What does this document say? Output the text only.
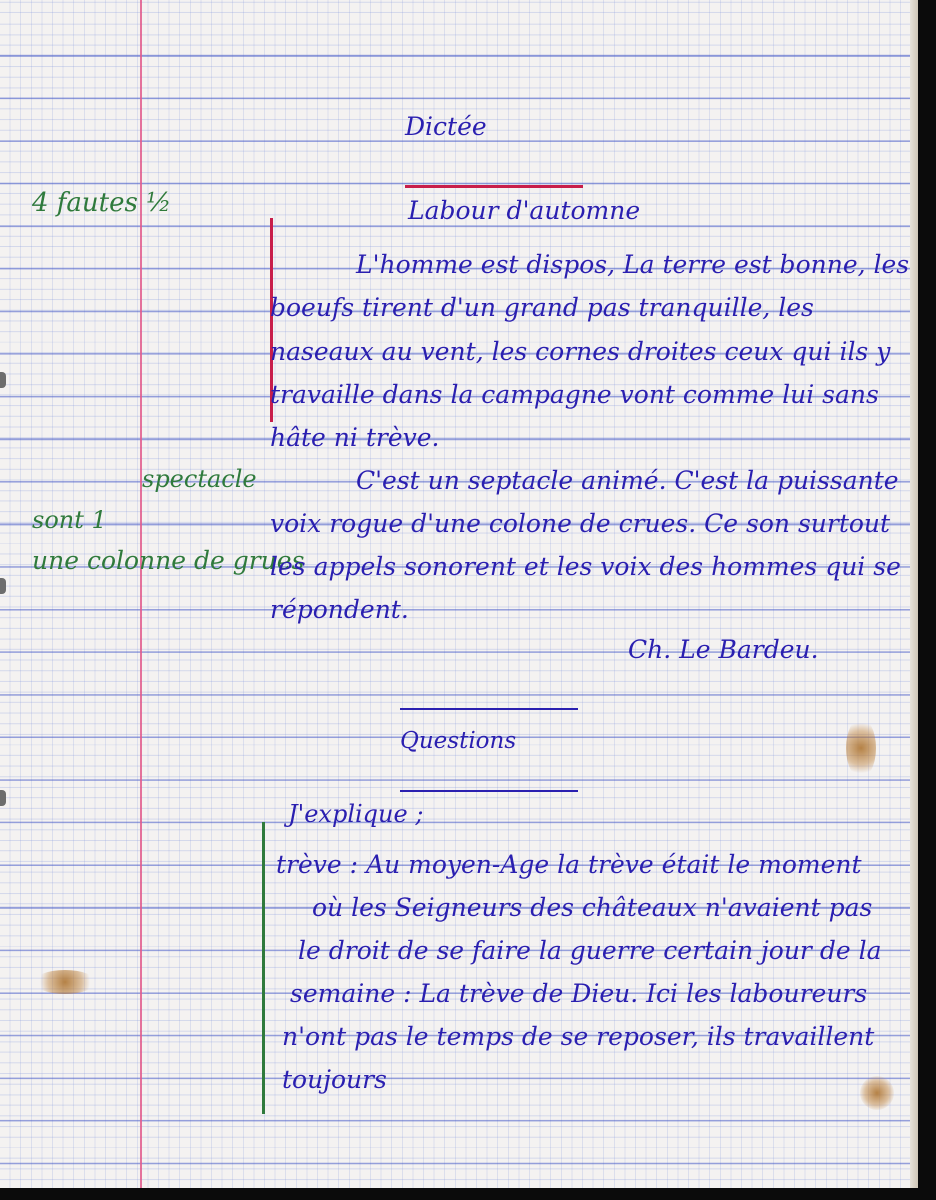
4 fautes ½
spectacle
sont 1
une colonne de grues
Dictée
Labour d'automne
L'homme est dispos, La terre est bonne, les
boeufs tirent d'un grand pas tranquille, les
naseaux au vent, les cornes droites ceux qui ils y
travaille dans la campagne vont comme lui sans
hâte ni trève.
C'est un septacle animé. C'est la puissante
voix rogue d'une colone de crues. Ce son surtout
les appels sonorent et les voix des hommes qui se
répondent.
Ch. Le Bardeu.
Questions
J'explique ;
trève : Au moyen-Age la trève était le moment
où les Seigneurs des châteaux n'avaient pas
le droit de se faire la guerre certain jour de la
semaine : La trève de Dieu. Ici les laboureurs
n'ont pas le temps de se reposer, ils travaillent
toujours
